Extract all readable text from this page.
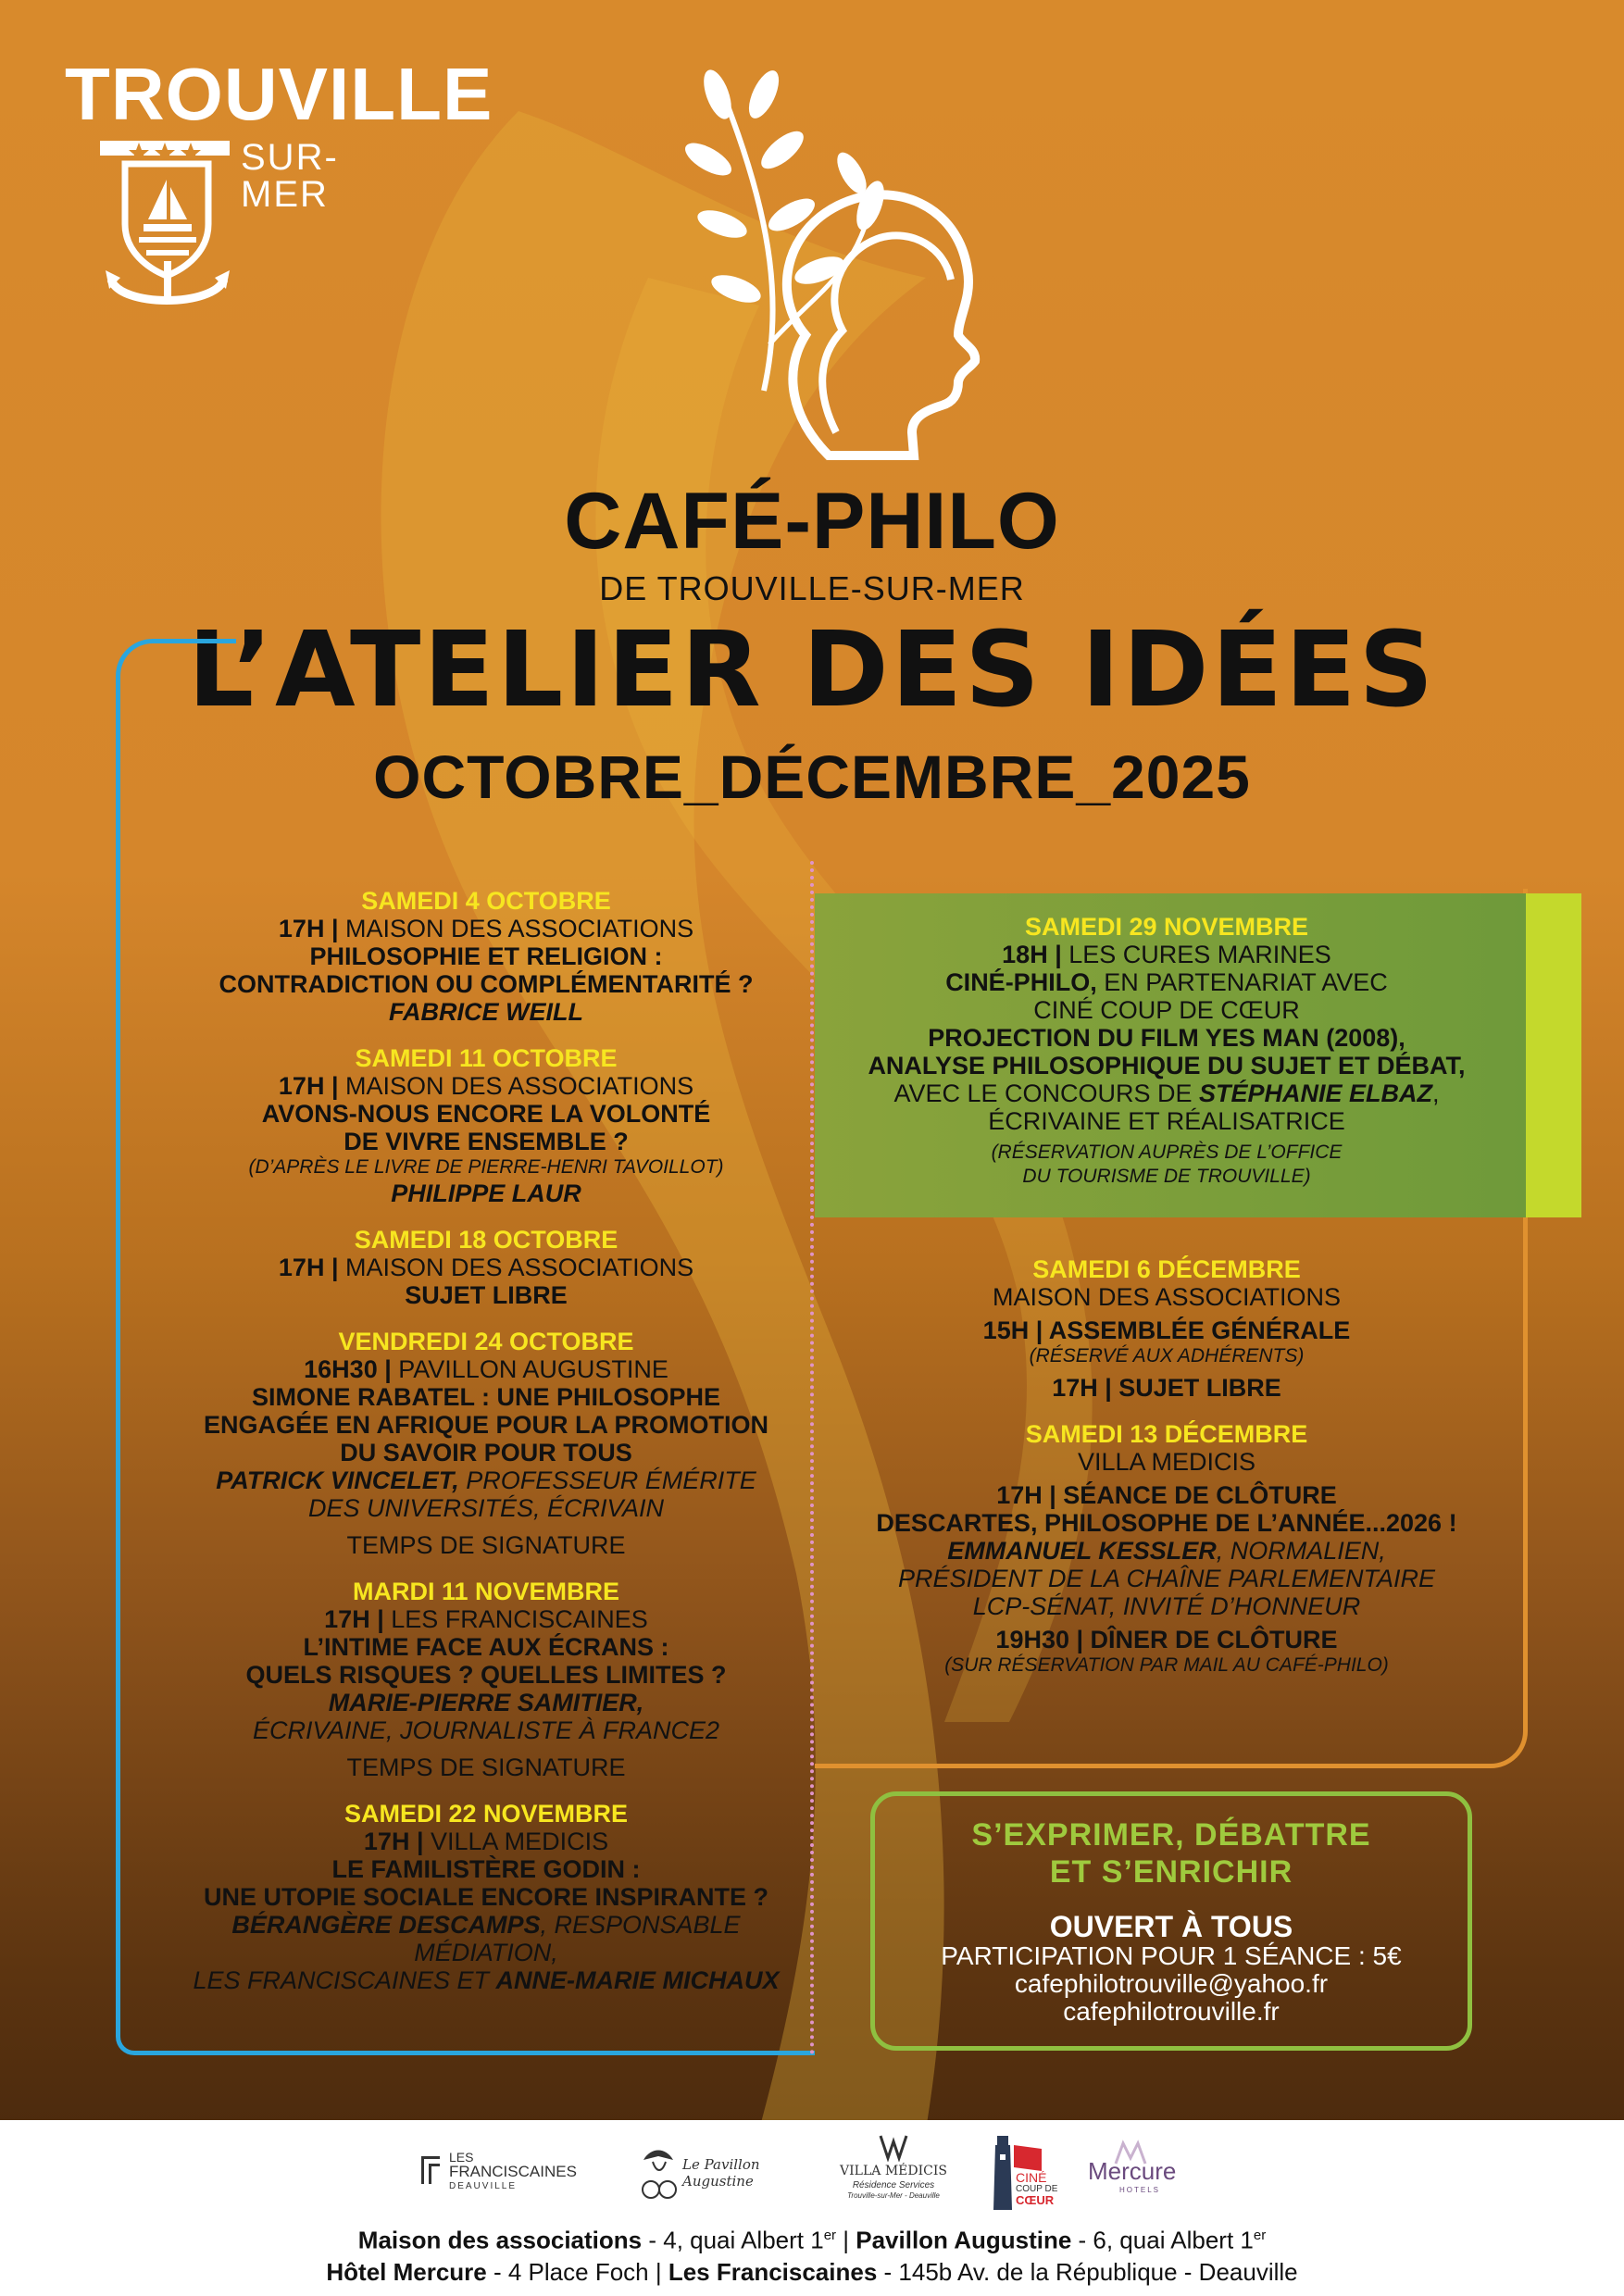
TROUVILLE
SUR-MER
CAFÉ-PHILO
DE TROUVILLE-SUR-MER
L’ATELIER DES IDÉES
OCTOBRE_DÉCEMBRE_2025
SAMEDI 4 OCTOBRE
17H | MAISON DES ASSOCIATIONS
PHILOSOPHIE ET RELIGION :
CONTRADICTION OU COMPLÉMENTARITÉ ?
FABRICE WEILL
SAMEDI 11 OCTOBRE
17H | MAISON DES ASSOCIATIONS
AVONS-NOUS ENCORE LA VOLONTÉ
DE VIVRE ENSEMBLE ?
(D’APRÈS LE LIVRE DE PIERRE-HENRI TAVOILLOT)
PHILIPPE LAUR
SAMEDI 18 OCTOBRE
17H | MAISON DES ASSOCIATIONS
SUJET LIBRE
VENDREDI 24 OCTOBRE
16H30 | PAVILLON AUGUSTINE
SIMONE RABATEL : UNE PHILOSOPHE
ENGAGÉE EN AFRIQUE POUR LA PROMOTION
DU SAVOIR POUR TOUS
PATRICK VINCELET, PROFESSEUR ÉMÉRITE
DES UNIVERSITÉS, ÉCRIVAIN
TEMPS DE SIGNATURE
MARDI 11 NOVEMBRE
17H | LES FRANCISCAINES
L’INTIME FACE AUX ÉCRANS :
QUELS RISQUES ? QUELLES LIMITES ?
MARIE-PIERRE SAMITIER,
ÉCRIVAINE, JOURNALISTE À FRANCE2
TEMPS DE SIGNATURE
SAMEDI 22 NOVEMBRE
17H | VILLA MEDICIS
LE FAMILISTÈRE GODIN :
UNE UTOPIE SOCIALE ENCORE INSPIRANTE ?
BÉRANGÈRE DESCAMPS, RESPONSABLE MÉDIATION,
LES FRANCISCAINES ET ANNE-MARIE MICHAUX
SAMEDI 29 NOVEMBRE
18H | LES CURES MARINES
CINÉ-PHILO, EN PARTENARIAT AVEC
CINÉ COUP DE CŒUR
PROJECTION DU FILM YES MAN (2008),
ANALYSE PHILOSOPHIQUE DU SUJET ET DÉBAT,
AVEC LE CONCOURS DE STÉPHANIE ELBAZ,
ÉCRIVAINE ET RÉALISATRICE
(RÉSERVATION AUPRÈS DE L’OFFICE
DU TOURISME DE TROUVILLE)
SAMEDI 6 DÉCEMBRE
MAISON DES ASSOCIATIONS
15H | ASSEMBLÉE GÉNÉRALE
(RÉSERVÉ AUX ADHÉRENTS)
17H | SUJET LIBRE
SAMEDI 13 DÉCEMBRE
VILLA MEDICIS
17H | SÉANCE DE CLÔTURE
DESCARTES, PHILOSOPHE DE L’ANNÉE...2026 !
EMMANUEL KESSLER, NORMALIEN,
PRÉSIDENT DE LA CHAÎNE PARLEMENTAIRE
LCP-SÉNAT, INVITÉ D’HONNEUR
19H30 | DÎNER DE CLÔTURE
(SUR RÉSERVATION PAR MAIL AU CAFÉ-PHILO)
S’EXPRIMER, DÉBATTRE
ET S’ENRICHIR
OUVERT À TOUS
PARTICIPATION POUR 1 SÉANCE : 5€
cafephilotrouville@yahoo.fr
cafephilotrouville.fr
LES
FRANCISCAINES
DEAUVILLE
Le Pavillon Augustine
VILLA MÉDICIS
Résidence Services
Trouville-sur-Mer - Deauville
CINÉ
COUP DE
CŒUR
Mercure
HOTELS
Maison des associations - 4, quai Albert 1er | Pavillon Augustine - 6, quai Albert 1er
Hôtel Mercure - 4 Place Foch | Les Franciscaines - 145b Av. de la République - Deauville
